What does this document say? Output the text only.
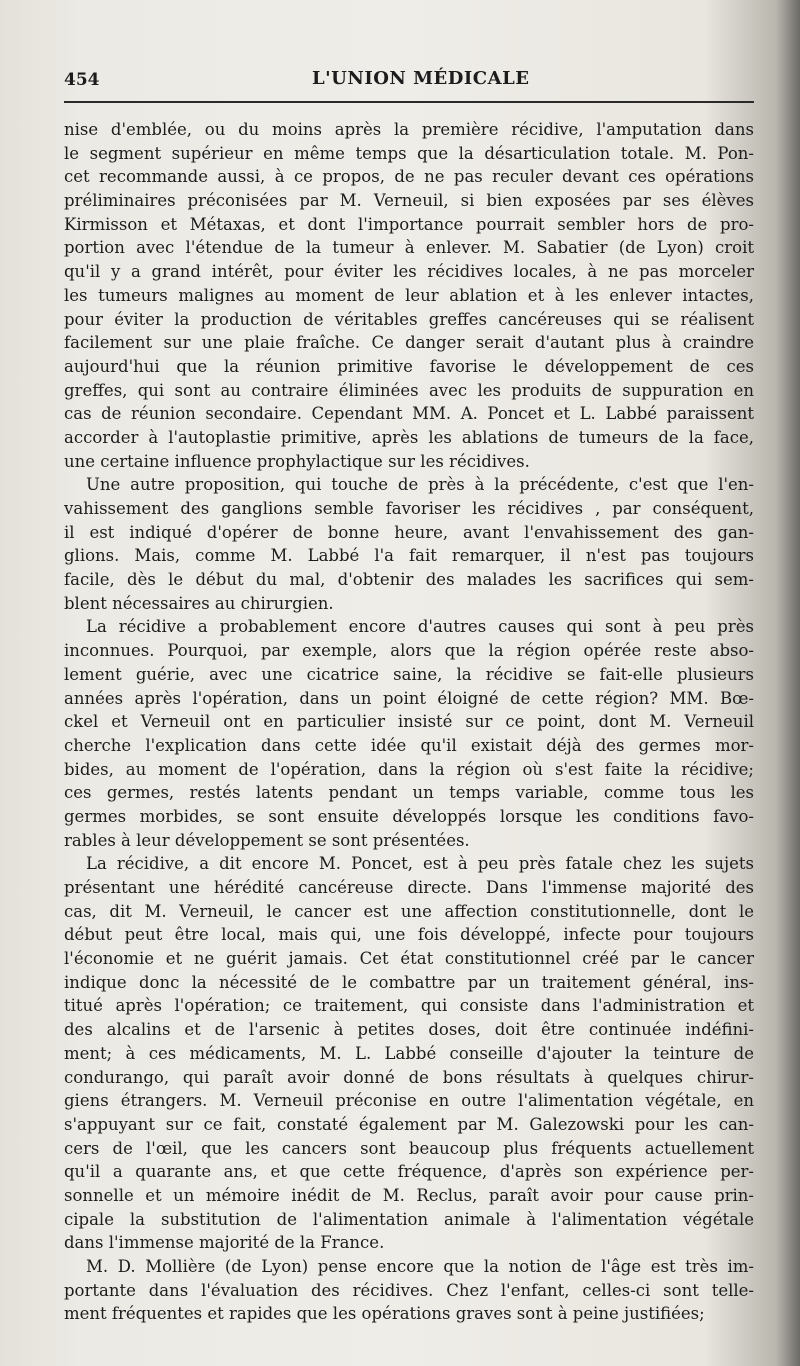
454	L'UNION MÉDICALE
nise d'emblée, ou du moins après la première récidive, l'amputation dans
le segment supérieur en même temps que la désarticulation totale. M. Pon-
cet recommande aussi, à ce propos, de ne pas reculer devant ces opérations
préliminaires préconisées par M. Verneuil, si bien exposées par ses élèves
Kirmisson et Métaxas, et dont l'importance pourrait sembler hors de pro-
portion avec l'étendue de la tumeur à enlever. M. Sabatier (de Lyon) croit
qu'il y a grand intérêt, pour éviter les récidives locales, à ne pas morceler
les tumeurs malignes au moment de leur ablation et à les enlever intactes,
pour éviter la production de véritables greffes cancéreuses qui se réalisent
facilement sur une plaie fraîche. Ce danger serait d'autant plus à craindre
aujourd'hui que la réunion primitive favorise le développement de ces
greffes, qui sont au contraire éliminées avec les produits de suppuration en
cas de réunion secondaire. Cependant MM. A. Poncet et L. Labbé paraissent
accorder à l'autoplastie primitive, après les ablations de tumeurs de la face,
une certaine influence prophylactique sur les récidives.
Une autre proposition, qui touche de près à la précédente, c'est que l'en-
vahissement des ganglions semble favoriser les récidives , par conséquent,
il est indiqué d'opérer de bonne heure, avant l'envahissement des gan-
glions. Mais, comme M. Labbé l'a fait remarquer, il n'est pas toujours
facile, dès le début du mal, d'obtenir des malades les sacrifices qui sem-
blent nécessaires au chirurgien.
La récidive a probablement encore d'autres causes qui sont à peu près
inconnues. Pourquoi, par exemple, alors que la région opérée reste abso-
lement guérie, avec une cicatrice saine, la récidive se fait-elle plusieurs
années après l'opération, dans un point éloigné de cette région? MM. Bœ-
ckel et Verneuil ont en particulier insisté sur ce point, dont M. Verneuil
cherche l'explication dans cette idée qu'il existait déjà des germes mor-
bides, au moment de l'opération, dans la région où s'est faite la récidive;
ces germes, restés latents pendant un temps variable, comme tous les
germes morbides, se sont ensuite développés lorsque les conditions favo-
rables à leur développement se sont présentées.
La récidive, a dit encore M. Poncet, est à peu près fatale chez les sujets
présentant une hérédité cancéreuse directe. Dans l'immense majorité des
cas, dit M. Verneuil, le cancer est une affection constitutionnelle, dont le
début peut être local, mais qui, une fois développé, infecte pour toujours
l'économie et ne guérit jamais. Cet état constitutionnel créé par le cancer
indique donc la nécessité de le combattre par un traitement général, ins-
titué après l'opération; ce traitement, qui consiste dans l'administration et
des alcalins et de l'arsenic à petites doses, doit être continuée indéfini-
ment; à ces médicaments, M. L. Labbé conseille d'ajouter la teinture de
condurango, qui paraît avoir donné de bons résultats à quelques chirur-
giens étrangers. M. Verneuil préconise en outre l'alimentation végétale, en
s'appuyant sur ce fait, constaté également par M. Galezowski pour les can-
cers de l'œil, que les cancers sont beaucoup plus fréquents actuellement
qu'il a quarante ans, et que cette fréquence, d'après son expérience per-
sonnelle et un mémoire inédit de M. Reclus, paraît avoir pour cause prin-
cipale la substitution de l'alimentation animale à l'alimentation végétale
dans l'immense majorité de la France.
M. D. Mollière (de Lyon) pense encore que la notion de l'âge est très im-
portante dans l'évaluation des récidives. Chez l'enfant, celles-ci sont telle-
ment fréquentes et rapides que les opérations graves sont à peine justifiées;
